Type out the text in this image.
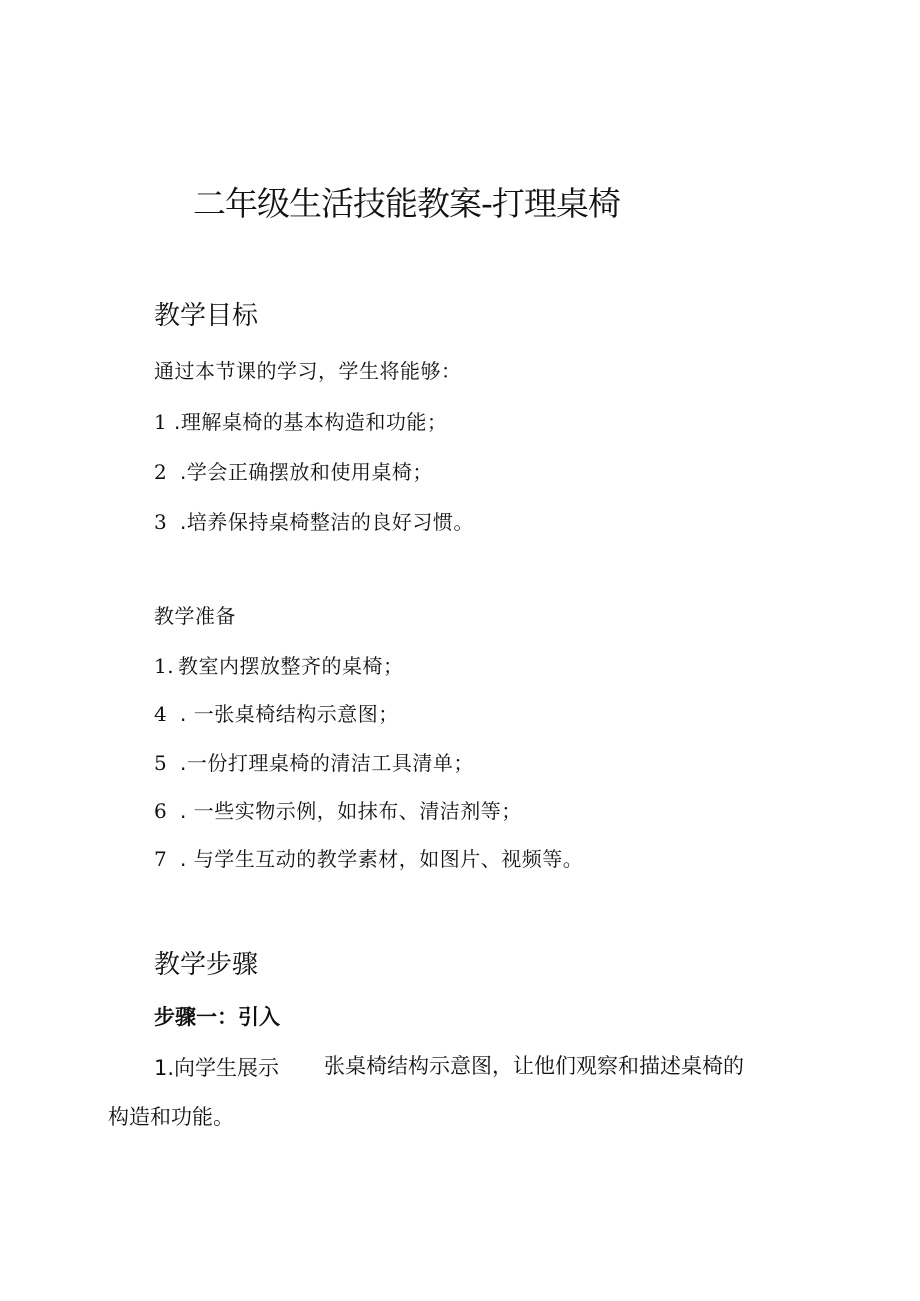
二年级生活技能教案-打理桌椅
教学目标
通过本节课的学习，学生将能够：
1 .理解桌椅的基本构造和功能；
2 .学会正确摆放和使用桌椅；
3 .培养保持桌椅整洁的良好习惯。
教学准备
1. 教室内摆放整齐的桌椅；
4 . 一张桌椅结构示意图；
5 .一份打理桌椅的清洁工具清单；
6 . 一些实物示例，如抹布、清洁剂等；
7 . 与学生互动的教学素材，如图片、视频等。
教学步骤
步骤一：引入
1.向学生展示 张桌椅结构示意图，让他们观察和描述桌椅的
构造和功能。
